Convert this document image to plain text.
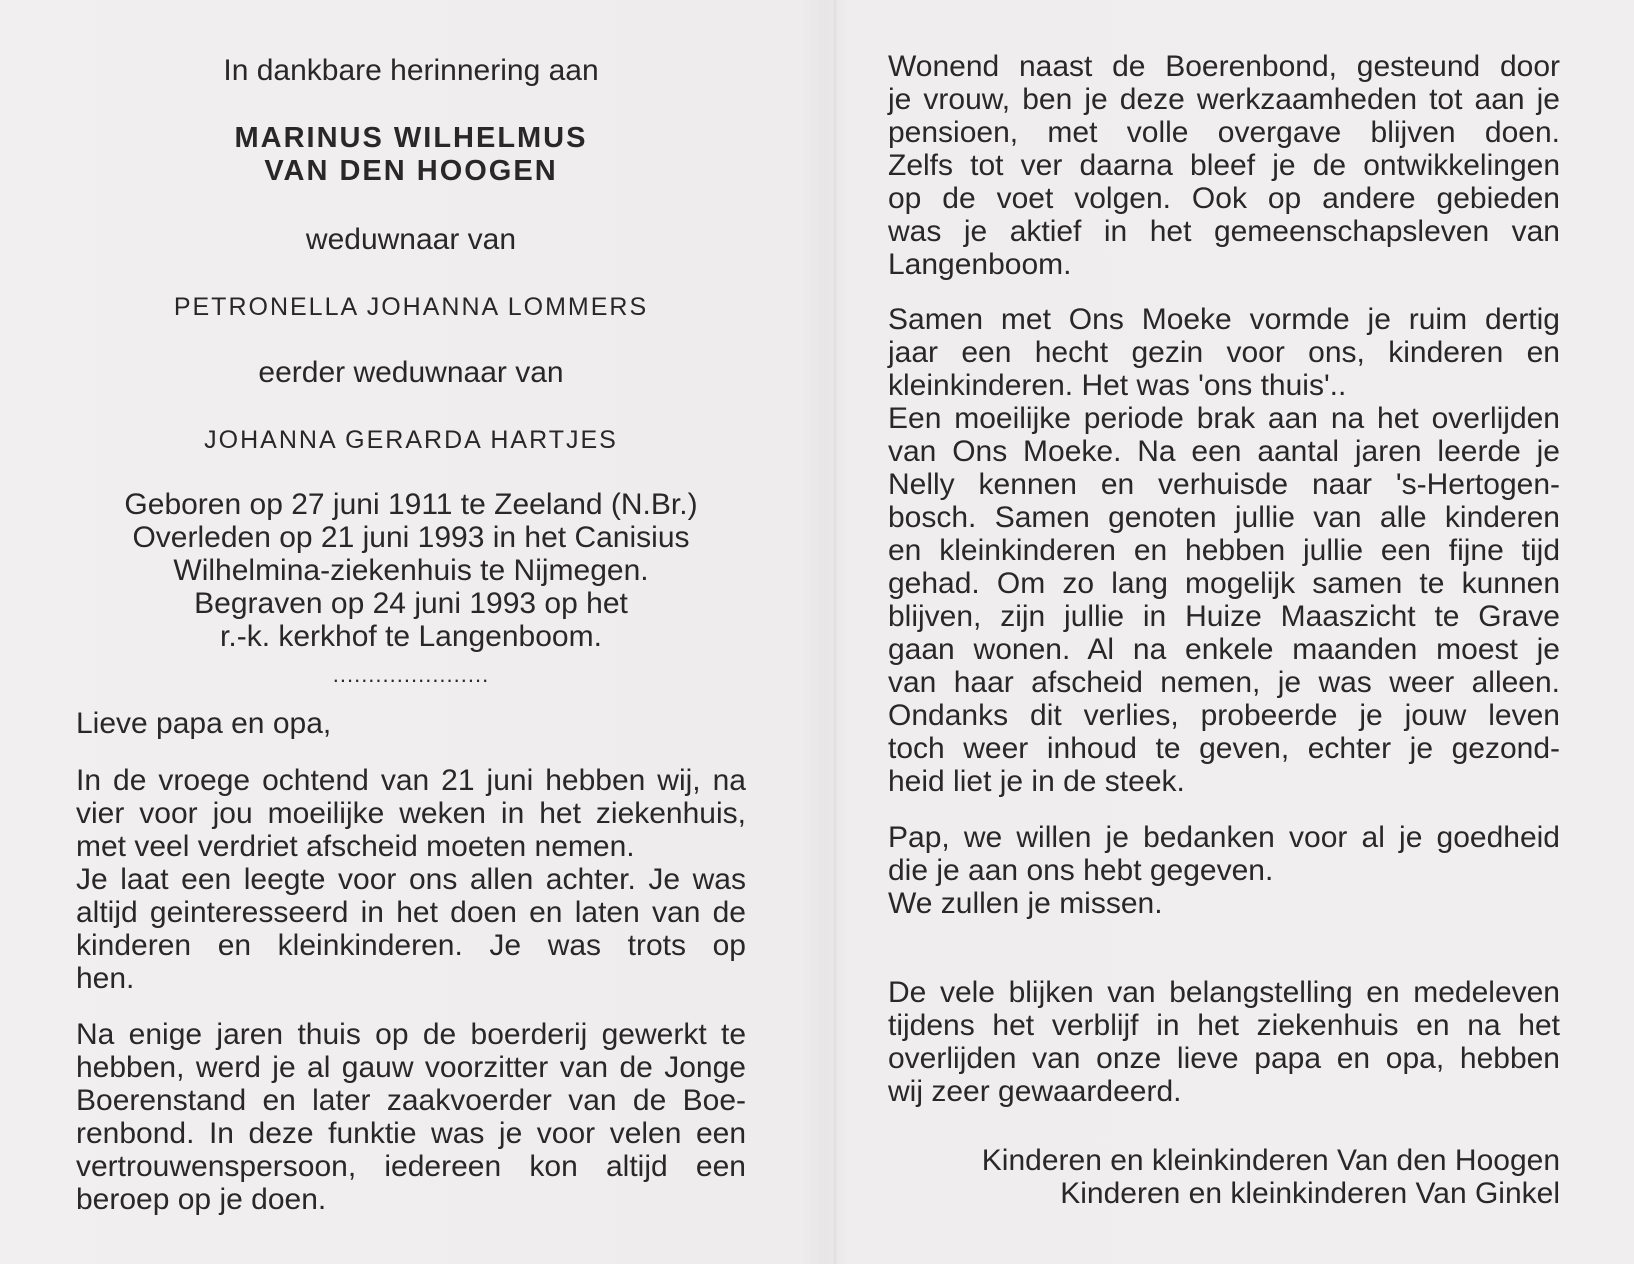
In dankbare herinnering aan
MARINUS WILHELMUS
VAN DEN HOOGEN
weduwnaar van
PETRONELLA JOHANNA LOMMERS
eerder weduwnaar van
JOHANNA GERARDA HARTJES
Geboren op 27 juni 1911 te Zeeland (N.Br.)
Overleden op 21 juni 1993 in het Canisius
Wilhelmina-ziekenhuis te Nijmegen.
Begraven op 24 juni 1993 op het
r.-k. kerkhof te Langenboom.
......................
Lieve papa en opa,
In de vroege ochtend van 21 juni hebben wij, na
vier voor jou moeilijke weken in het ziekenhuis,
met veel verdriet afscheid moeten nemen.
Je laat een leegte voor ons allen achter. Je was
altijd geinteresseerd in het doen en laten van de
kinderen en kleinkinderen. Je was trots op
hen.
Na enige jaren thuis op de boerderij gewerkt te
hebben, werd je al gauw voorzitter van de Jonge
Boerenstand en later zaakvoerder van de Boe-
renbond. In deze funktie was je voor velen een
vertrouwenspersoon, iedereen kon altijd een
beroep op je doen.
Wonend naast de Boerenbond, gesteund door
je vrouw, ben je deze werkzaamheden tot aan je
pensioen, met volle overgave blijven doen.
Zelfs tot ver daarna bleef je de ontwikkelingen
op de voet volgen. Ook op andere gebieden
was je aktief in het gemeenschapsleven van
Langenboom.
Samen met Ons Moeke vormde je ruim dertig
jaar een hecht gezin voor ons, kinderen en
kleinkinderen. Het was 'ons thuis'..
Een moeilijke periode brak aan na het overlijden
van Ons Moeke. Na een aantal jaren leerde je
Nelly kennen en verhuisde naar 's-Hertogen-
bosch. Samen genoten jullie van alle kinderen
en kleinkinderen en hebben jullie een fijne tijd
gehad. Om zo lang mogelijk samen te kunnen
blijven, zijn jullie in Huize Maaszicht te Grave
gaan wonen. Al na enkele maanden moest je
van haar afscheid nemen, je was weer alleen.
Ondanks dit verlies, probeerde je jouw leven
toch weer inhoud te geven, echter je gezond-
heid liet je in de steek.
Pap, we willen je bedanken voor al je goedheid
die je aan ons hebt gegeven.
We zullen je missen.
De vele blijken van belangstelling en medeleven
tijdens het verblijf in het ziekenhuis en na het
overlijden van onze lieve papa en opa, hebben
wij zeer gewaardeerd.
Kinderen en kleinkinderen Van den Hoogen
Kinderen en kleinkinderen Van Ginkel
